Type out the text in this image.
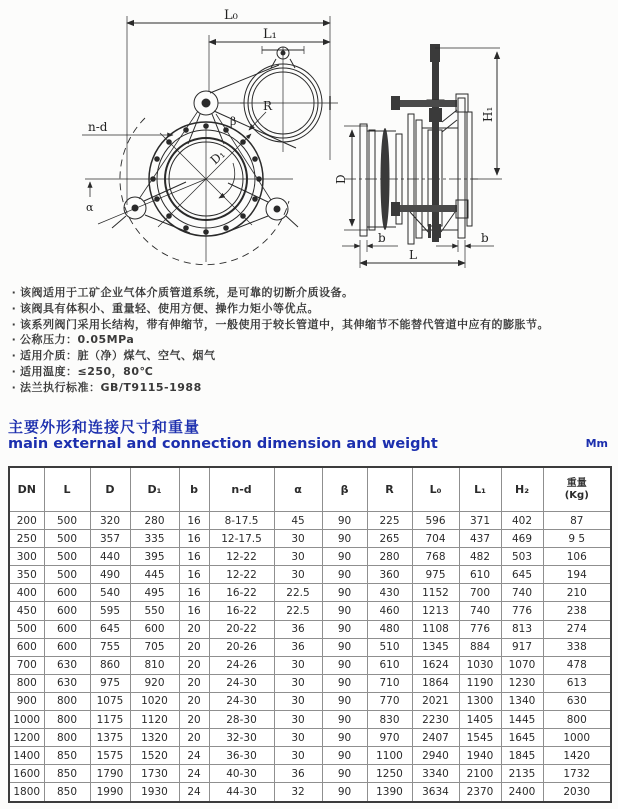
L₀
L₁
R
β
n-d
D₁
α
D
H₁
b	b
L
· 该阀适用于工矿企业气体介质管道系统，是可靠的切断介质设备。
· 该阀具有体积小、重量轻、使用方便、操作力矩小等优点。
· 该系列阀门采用长结构，带有伸缩节，一般使用于较长管道中，其伸缩节不能替代管道中应有的膨胀节。
· 公称压力：0.05MPa
· 适用介质：脏（净）煤气、空气、烟气
· 适用温度：≤250，80℃
· 法兰执行标准：GB/T9115-1988
主要外形和连接尺寸和重量
main external and connection dimension and weight	Mm
DN	L	D	D₁	b	n-d	α	β	R	L₀	L₁	H₂	重量
(Kg)

200	500	320	280	16	8-17.5	45	90	225	596	371	402	87
250	500	357	335	16	12-17.5	30	90	265	704	437	469	9 5
300	500	440	395	16	12-22	30	90	280	768	482	503	106
350	500	490	445	16	12-22	30	90	360	975	610	645	194
400	600	540	495	16	16-22	22.5	90	430	1152	700	740	210
450	600	595	550	16	16-22	22.5	90	460	1213	740	776	238
500	600	645	600	20	20-22	36	90	480	1108	776	813	274
600	600	755	705	20	20-26	36	90	510	1345	884	917	338
700	630	860	810	20	24-26	30	90	610	1624	1030	1070	478
800	630	975	920	20	24-30	30	90	710	1864	1190	1230	613
900	800	1075	1020	20	24-30	30	90	770	2021	1300	1340	630
1000	800	1175	1120	20	28-30	30	90	830	2230	1405	1445	800
1200	800	1375	1320	20	32-30	30	90	970	2407	1545	1645	1000
1400	850	1575	1520	24	36-30	30	90	1100	2940	1940	1845	1420
1600	850	1790	1730	24	40-30	36	90	1250	3340	2100	2135	1732
1800	850	1990	1930	24	44-30	32	90	1390	3634	2370	2400	2030
